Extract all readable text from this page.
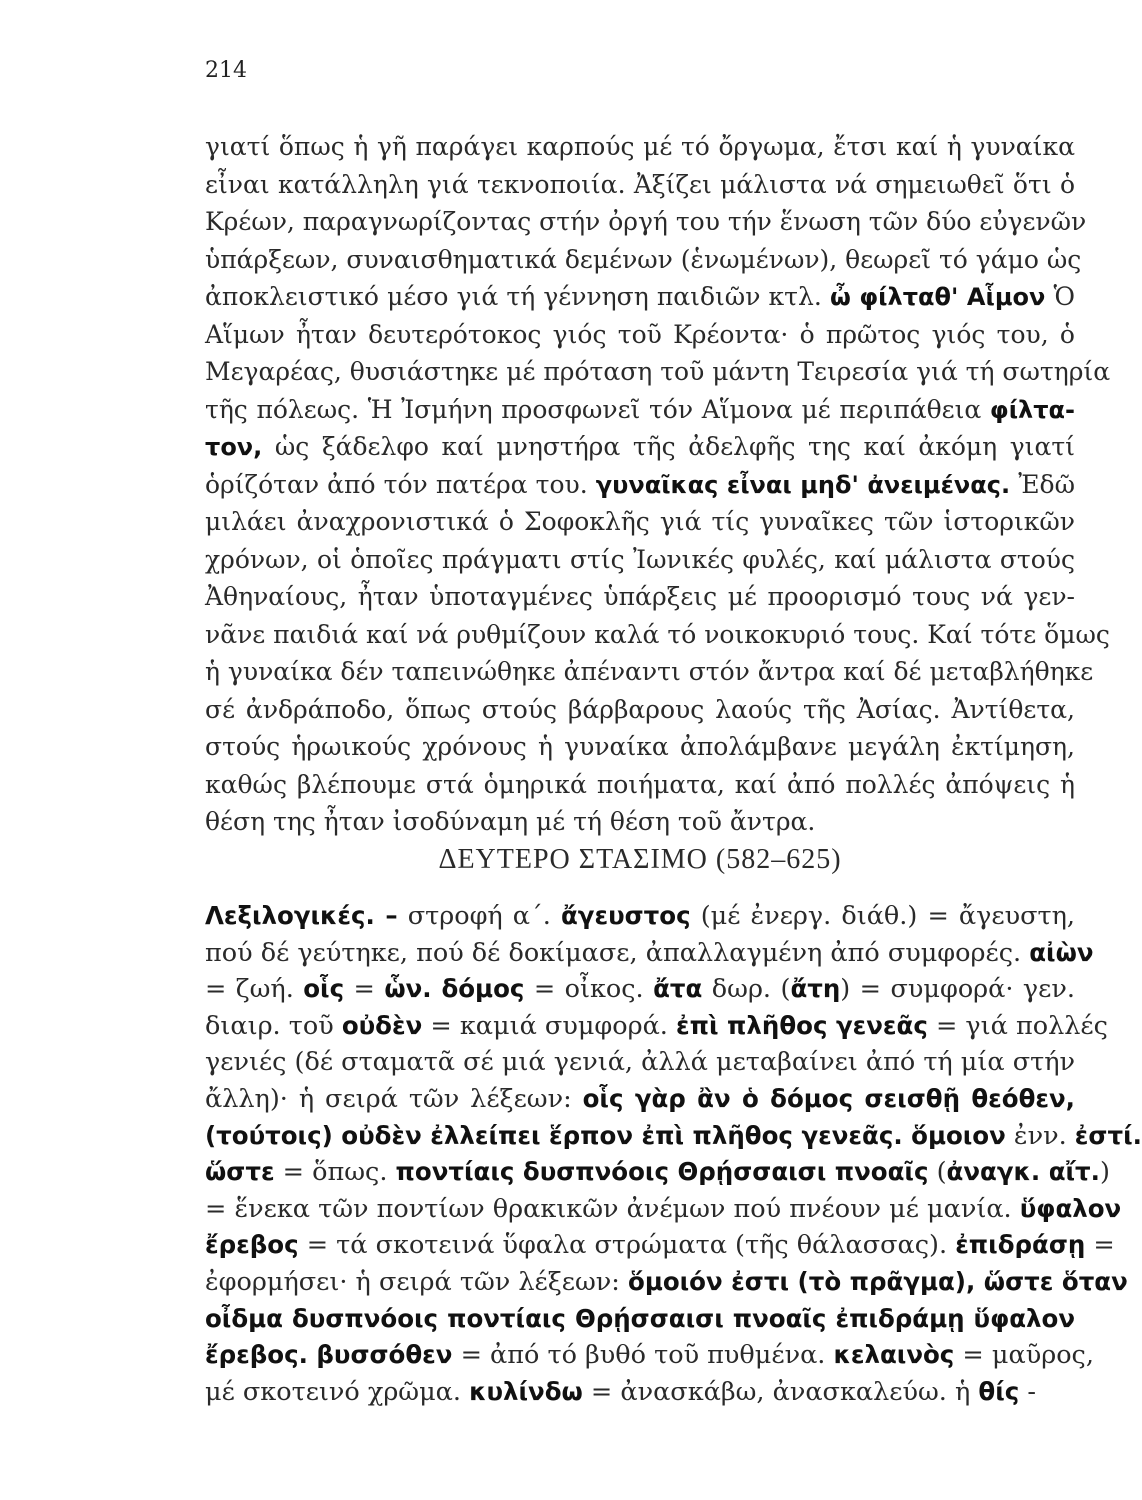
214
γιατί ὅπως ἡ γῆ παράγει καρπούς μέ τό ὄργωμα, ἔτσι καί ἡ γυναίκα
εἶναι κατάλληλη γιά τεκνοποιία. Ἀξίζει μάλιστα νά σημειωθεῖ ὅτι ὁ
Κρέων, παραγνωρίζοντας στήν ὀργή του τήν ἕνωση τῶν δύο εὐγενῶν
ὑπάρξεων, συναισθηματικά δεμένων (ἑνωμένων), θεωρεῖ τό γάμο ὡς
ἀποκλειστικό μέσο γιά τή γέννηση παιδιῶν κτλ. ὦ φίλταθ' Αἷμον Ὁ
Αἵμων ἦταν δευτερότοκος γιός τοῦ Κρέοντα· ὁ πρῶτος γιός του, ὁ
Μεγαρέας, θυσιάστηκε μέ πρόταση τοῦ μάντη Τειρεσία γιά τή σωτηρία
τῆς πόλεως. Ἡ Ἰσμήνη προσφωνεῖ τόν Αἵμονα μέ περιπάθεια φίλτα-
τον, ὡς ξάδελφο καί μνηστήρα τῆς ἀδελφῆς της καί ἀκόμη γιατί
ὁρίζόταν ἀπό τόν πατέρα του. γυναῖκας εἶναι μηδ' ἀνειμένας. Ἐδῶ
μιλάει ἀναχρονιστικά ὁ Σοφοκλῆς γιά τίς γυναῖκες τῶν ἱστορικῶν
χρόνων, οἱ ὁποῖες πράγματι στίς Ἰωνικές φυλές, καί μάλιστα στούς
Ἀθηναίους, ἦταν ὑποταγμένες ὑπάρξεις μέ προορισμό τους νά γεν-
νᾶνε παιδιά καί νά ρυθμίζουν καλά τό νοικοκυριό τους. Καί τότε ὅμως
ἡ γυναίκα δέν ταπεινώθηκε ἀπέναντι στόν ἄντρα καί δέ μεταβλήθηκε
σέ ἀνδράποδο, ὅπως στούς βάρβαρους λαούς τῆς Ἀσίας. Ἀντίθετα,
στούς ἡρωικούς χρόνους ἡ γυναίκα ἀπολάμβανε μεγάλη ἐκτίμηση,
καθώς βλέπουμε στά ὁμηρικά ποιήματα, καί ἀπό πολλές ἀπόψεις ἡ
θέση της ἦταν ἰσοδύναμη μέ τή θέση τοῦ ἄντρα.
ΔΕΥΤΕΡΟ ΣΤΑΣΙΜΟ (582–625)
Λεξιλογικές. – στροφή α΄. ἄγευστος (μέ ἐνεργ. διάθ.) = ἄγευστη,
πού δέ γεύτηκε, πού δέ δοκίμασε, ἀπαλλαγμένη ἀπό συμφορές. αἰὼν
= ζωή. οἷς = ὧν. δόμος = οἶκος. ἄτα δωρ. (ἄτη) = συμφορά· γεν.
διαιρ. τοῦ οὐδὲν = καμιά συμφορά. ἐπὶ πλῆθος γενεᾶς = γιά πολλές
γενιές (δέ σταματᾶ σέ μιά γενιά, ἀλλά μεταβαίνει ἀπό τή μία στήν
ἄλλη)· ἡ σειρά τῶν λέξεων: οἷς γὰρ ἂν ὁ δόμος σεισθῇ θεόθεν,
(τούτοις) οὐδὲν ἐλλείπει ἕρπον ἐπὶ πλῆθος γενεᾶς. ὅμοιον ἐνν. ἐστί.
ὥστε = ὅπως. ποντίαις δυσπνόοις Θρῄσσαισι πνοαῖς (ἀναγκ. αἴτ.)
= ἕνεκα τῶν ποντίων θρακικῶν ἀνέμων πού πνέουν μέ μανία. ὕφαλον
ἔρεβος = τά σκοτεινά ὕφαλα στρώματα (τῆς θάλασσας). ἐπιδράσῃ =
ἐφορμήσει· ἡ σειρά τῶν λέξεων: ὅμοιόν ἐστι (τὸ πρᾶγμα), ὥστε ὅταν
οἶδμα δυσπνόοις ποντίαις Θρῄσσαισι πνοαῖς ἐπιδράμῃ ὕφαλον
ἔρεβος. βυσσόθεν = ἀπό τό βυθό τοῦ πυθμένα. κελαινὸς = μαῦρος,
μέ σκοτεινό χρῶμα. κυλίνδω = ἀνασκάβω, ἀνασκαλεύω. ἡ θίς -
